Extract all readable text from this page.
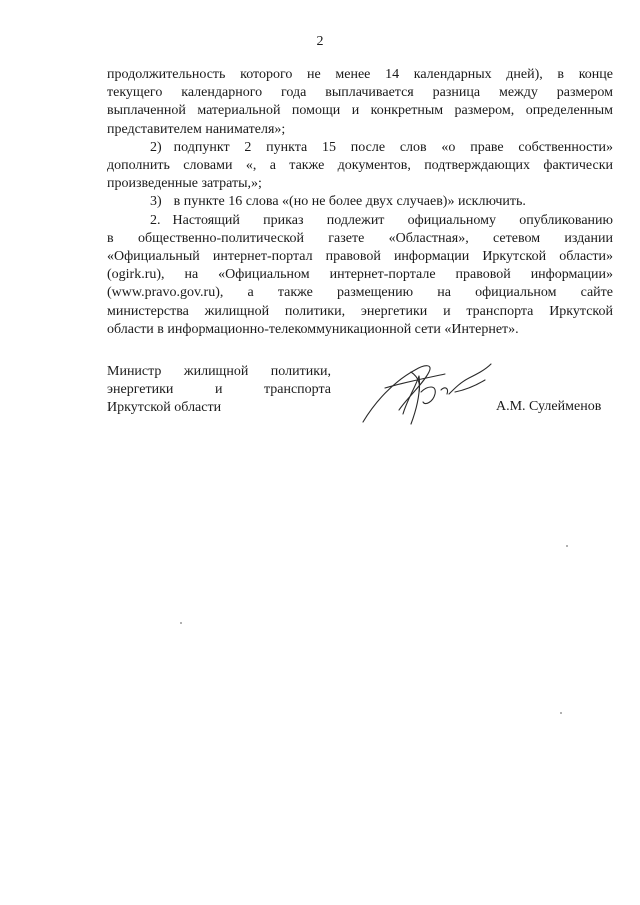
2

продолжительность которого не менее 14 календарных дней), в конце

текущего календарного года выплачивается разница между размером

выплаченной материальной помощи и конкретным размером, определенным

представителем нанимателя»;

2) подпункт 2 пункта 15 после слов «о праве собственности»

дополнить словами «, а также документов, подтверждающих фактически

произведенные затраты,»;

3) в пункте 16 слова «(но не более двух случаев)» исключить.

2. Настоящий приказ подлежит официальному опубликованию

в общественно-политической газете «Областная», сетевом издании

«Официальный интернет-портал правовой информации Иркутской области»

(ogirk.ru), на «Официальном интернет-портале правовой информации»

(www.pravo.gov.ru), а также размещению на официальном сайте

министерства жилищной политики, энергетики и транспорта Иркутской

области в информационно-телекоммуникационной сети «Интернет».

Министр жилищной политики,
энергетики и транспорта
Иркутской области	А.М. Сулейменов
